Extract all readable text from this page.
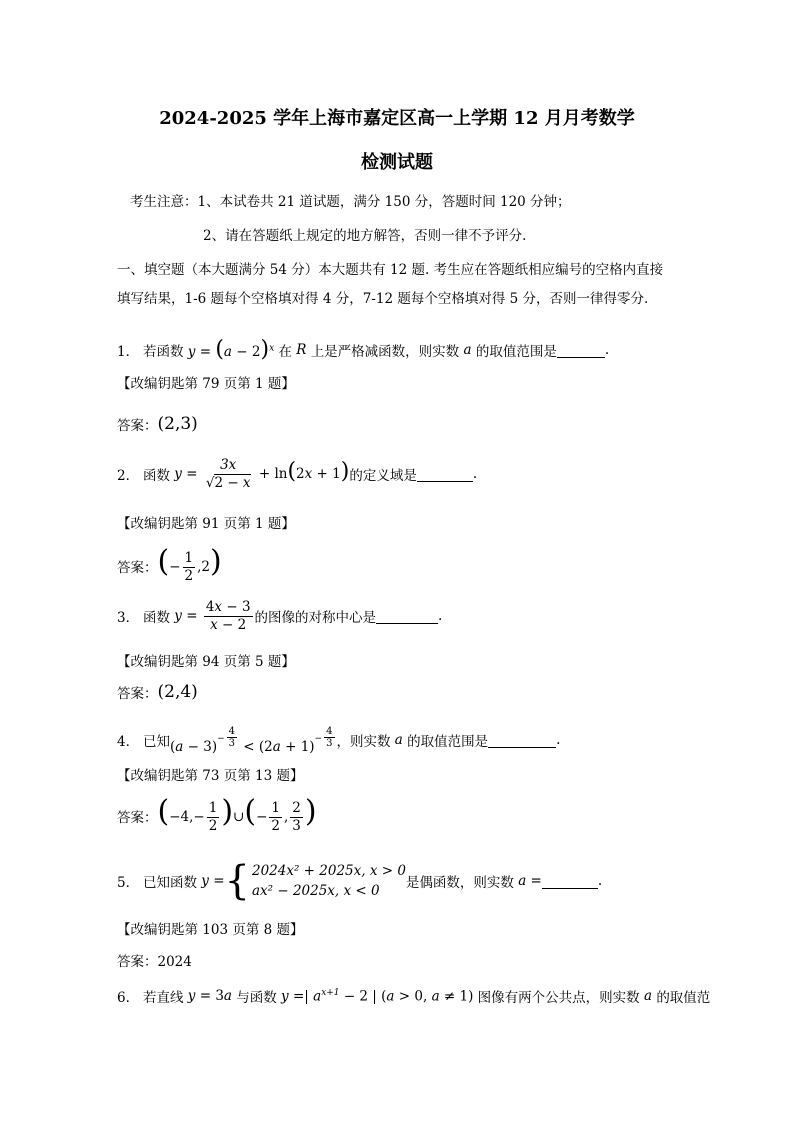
2024-2025 学年上海市嘉定区高一上学期 12 月月考数学
检测试题
考生注意：1、本试卷共 21 道试题，满分 150 分，答题时间 120 分钟；
2、请在答题纸上规定的地方解答，否则一律不予评分.
一、填空题（本大题满分 54 分）本大题共有 12 题. 考生应在答题纸相应编号的空格内直接
填写结果，1-6 题每个空格填对得 4 分，7-12 题每个空格填对得 5 分，否则一律得零分.
1． 若函数 $y = (a - 2)^x$ 在 R 上是严格减函数，则实数 a 的取值范围是	.
【改编钥匙第 79 页第 1 题】
答案： (2,3)
2． 函数 $y = \frac{3x}{√2 - x} + \ln(2x + 1)$ 的定义域是	.
【改编钥匙第 91 页第 1 题】
答案： (− $\frac{1}{2} ,2$)
3． 函数 $y = \frac{4x - 3}{x - 2}$ 的图像的对称中心是	.
【改编钥匙第 94 页第 5 题】
答案： (2,4)
4． 已知 $(a - 3)- \frac{4}{3} < (2a + 1)- \frac{4}{3}$ ，则实数 a 的取值范围是	.
【改编钥匙第 73 页第 13 题】
答案： ($-4,- \frac{1}{2}$ )∪(− $\frac{1}{2}$ , $\frac{2}{3}$ )
5． 已知函数 y = { 2024x² + 2025x, x > 0
ax² − 2025x, x < 0	是偶函数，则实数 a =	.
【改编钥匙第 103 页第 8 题】
答案：2024
6． 若直线 y = 3a 与函数 y =| $a^{x+1} - 2$ | (a > 0, a ≠ 1) 图像有两个公共点，则实数 a 的取值范
